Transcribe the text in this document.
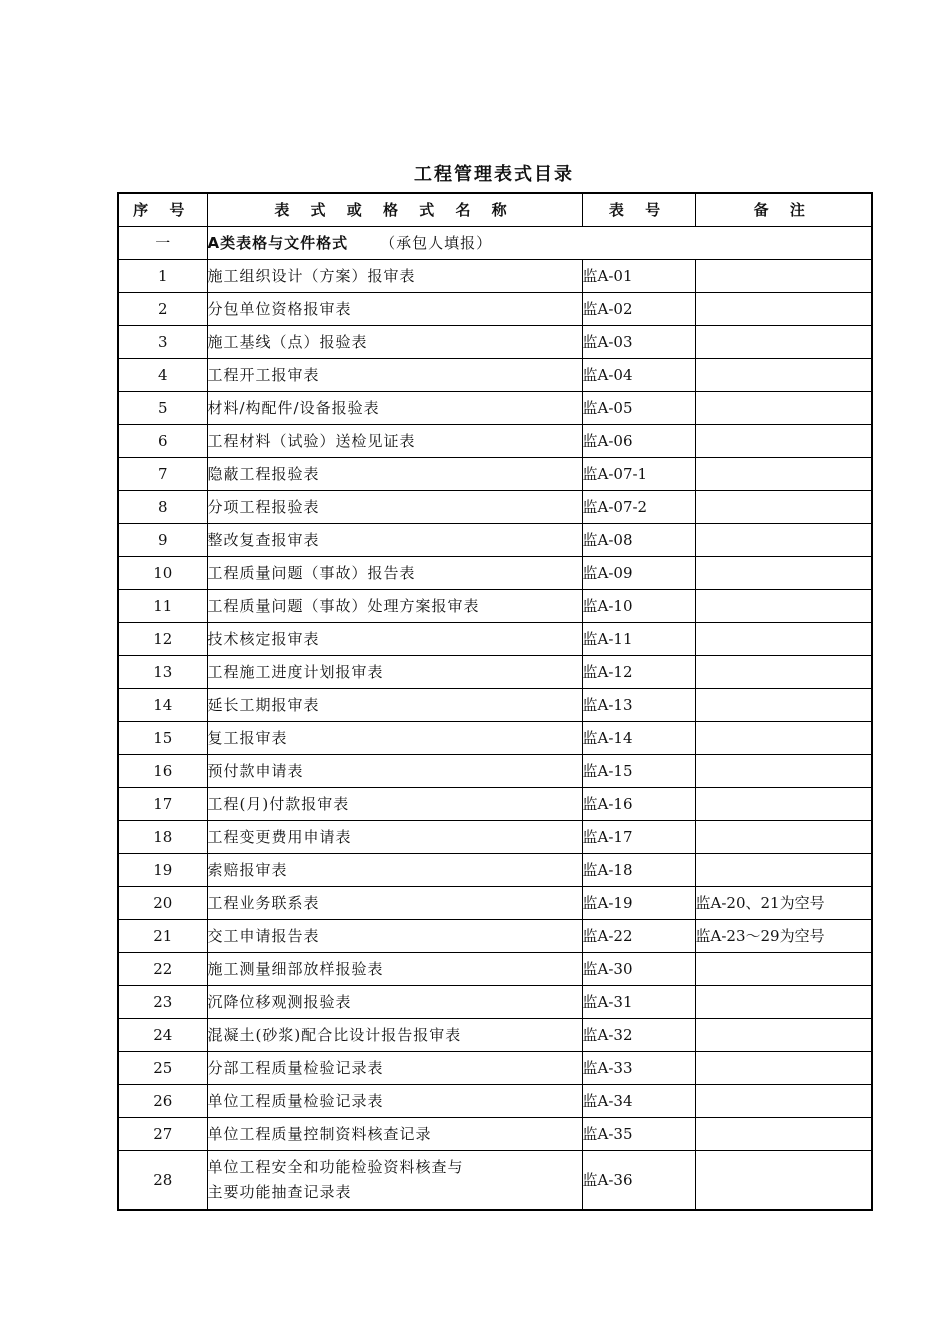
工程管理表式目录
序 号	表 式 或 格 式 名 称	表 号	备 注
一	A类表格与文件格式 （承包人填报）		
1	施工组织设计（方案）报审表	监A-01	
2	分包单位资格报审表	监A-02	
3	施工基线（点）报验表	监A-03	
4	工程开工报审表	监A-04	
5	材料/构配件/设备报验表	监A-05	
6	工程材料（试验）送检见证表	监A-06	
7	隐蔽工程报验表	监A-07-1	
8	分项工程报验表	监A-07-2	
9	整改复查报审表	监A-08	
10	工程质量问题（事故）报告表	监A-09	
11	工程质量问题（事故）处理方案报审表	监A-10	
12	技术核定报审表	监A-11	
13	工程施工进度计划报审表	监A-12	
14	延长工期报审表	监A-13	
15	复工报审表	监A-14	
16	预付款申请表	监A-15	
17	工程(月)付款报审表	监A-16	
18	工程变更费用申请表	监A-17	
19	索赔报审表	监A-18	
20	工程业务联系表	监A-19	监A-20、21为空号
21	交工申请报告表	监A-22	监A-23～29为空号
22	施工测量细部放样报验表	监A-30	
23	沉降位移观测报验表	监A-31	
24	混凝土(砂浆)配合比设计报告报审表	监A-32	
25	分部工程质量检验记录表	监A-33	
26	单位工程质量检验记录表	监A-34	
27	单位工程质量控制资料核查记录	监A-35	
28	单位工程安全和功能检验资料核查与
主要功能抽查记录表	监A-36	
